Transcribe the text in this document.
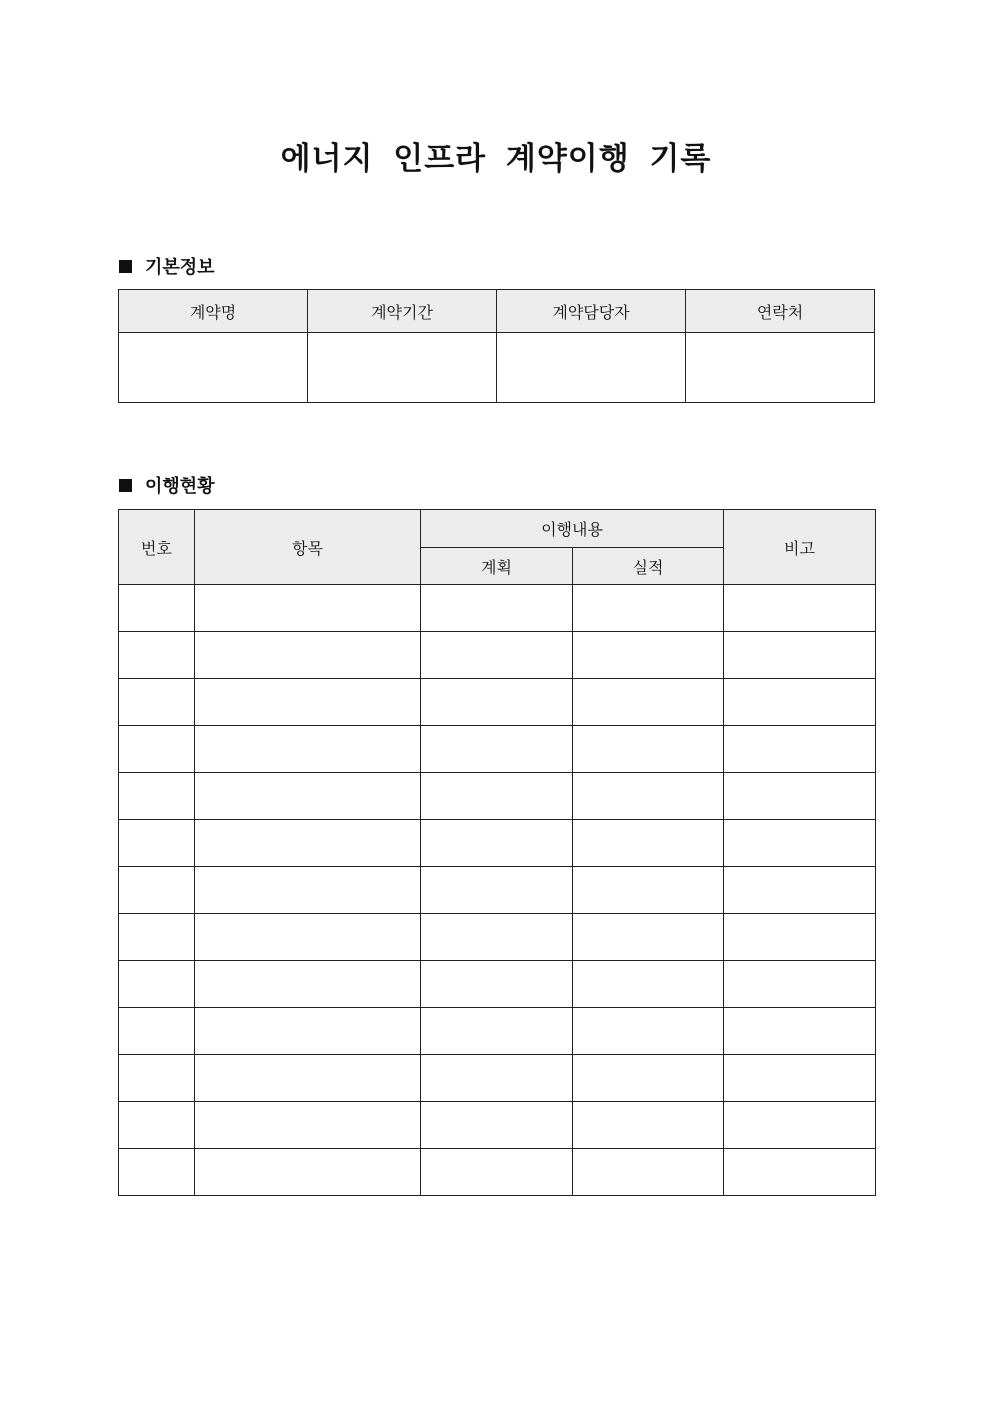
에너지 인프라 계약이행 기록
기본정보
계약명	계약기간	계약담당자	연락처

이행현황
번호	항목	이행내용		비고
		계획	실적	
